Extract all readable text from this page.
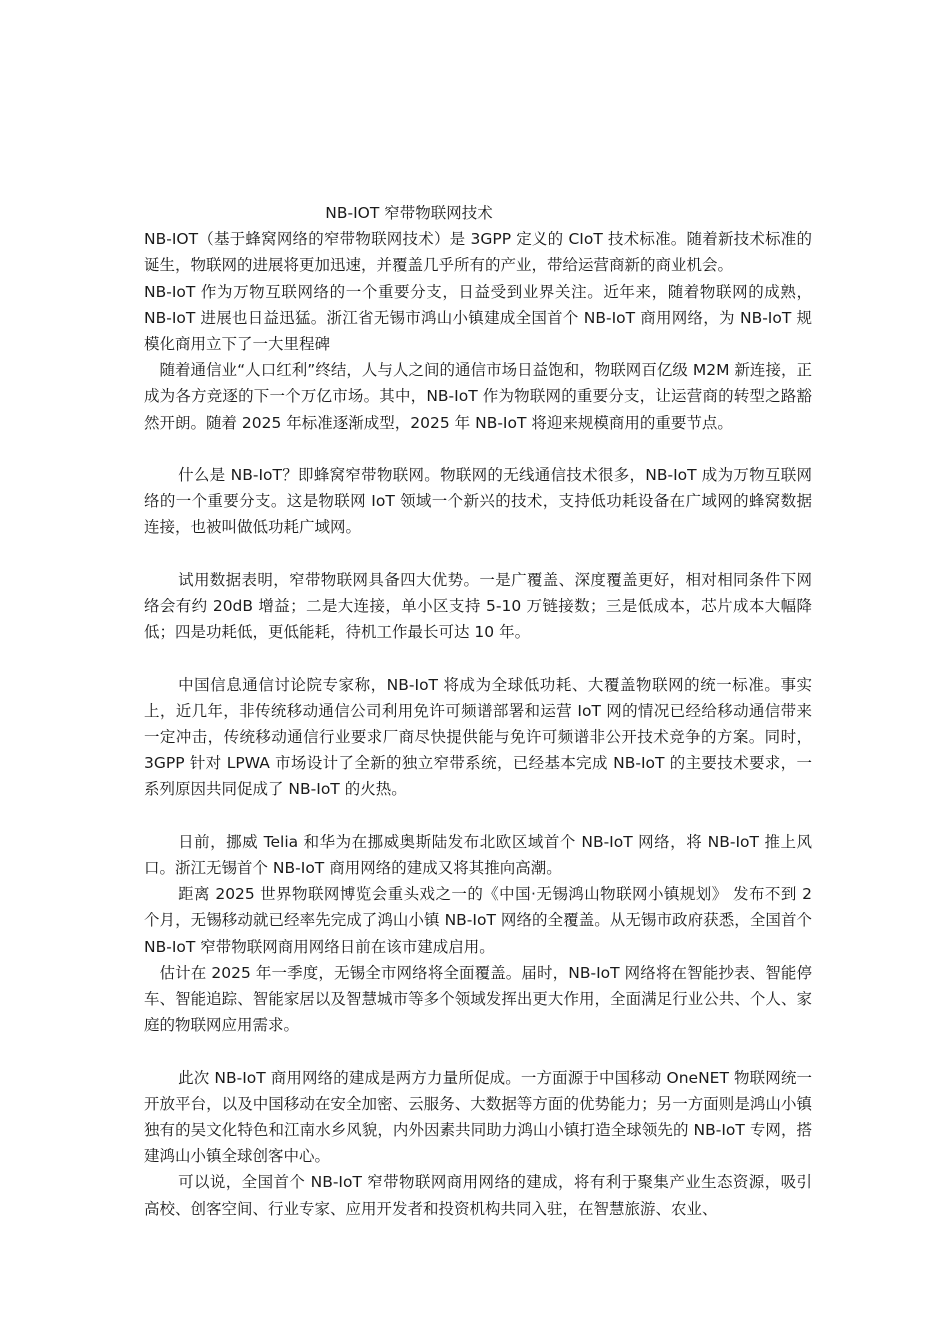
NB-IOT 窄带物联网技术

NB-IOT（基于蜂窝网络的窄带物联网技术）是 3GPP 定义的 CIoT 技术标准。随着新技术标准的诞生，物联网的进展将更加迅速，并覆盖几乎所有的产业，带给运营商新的商业机会。

NB-IoT 作为万物互联网络的一个重要分支，日益受到业界关注。近年来，随着物联网的成熟，NB-IoT 进展也日益迅猛。浙江省无锡市鸿山小镇建成全国首个 NB-IoT 商用网络，为 NB-IoT 规模化商用立下了一大里程碑

随着通信业“人口红利”终结，人与人之间的通信市场日益饱和，物联网百亿级 M2M 新连接，正成为各方竞逐的下一个万亿市场。其中，NB-IoT 作为物联网的重要分支，让运营商的转型之路豁然开朗。随着 2025 年标准逐渐成型，2025 年 NB-IoT 将迎来规模商用的重要节点。

什么是 NB-IoT？即蜂窝窄带物联网。物联网的无线通信技术很多，NB-IoT 成为万物互联网络的一个重要分支。这是物联网 IoT 领域一个新兴的技术，支持低功耗设备在广域网的蜂窝数据连接，也被叫做低功耗广域网。

试用数据表明，窄带物联网具备四大优势。一是广覆盖、深度覆盖更好，相对相同条件下网络会有约 20dB 增益；二是大连接，单小区支持 5-10 万链接数；三是低成本，芯片成本大幅降低；四是功耗低，更低能耗，待机工作最长可达 10 年。

中国信息通信讨论院专家称，NB-IoT 将成为全球低功耗、大覆盖物联网的统一标准。事实上，近几年，非传统移动通信公司利用免许可频谱部署和运营 IoT 网的情况已经给移动通信带来一定冲击，传统移动通信行业要求厂商尽快提供能与免许可频谱非公开技术竞争的方案。同时，3GPP 针对 LPWA 市场设计了全新的独立窄带系统，已经基本完成 NB-IoT 的主要技术要求，一系列原因共同促成了 NB-IoT 的火热。

日前，挪威 Telia 和华为在挪威奥斯陆发布北欧区域首个 NB-IoT 网络，将 NB-IoT 推上风口。浙江无锡首个 NB-IoT 商用网络的建成又将其推向高潮。

距离 2025 世界物联网博览会重头戏之一的《中国·无锡鸿山物联网小镇规划》 发布不到 2 个月，无锡移动就已经率先完成了鸿山小镇 NB-IoT 网络的全覆盖。从无锡市政府获悉，全国首个 NB-IoT 窄带物联网商用网络日前在该市建成启用。

估计在 2025 年一季度，无锡全市网络将全面覆盖。届时，NB-IoT 网络将在智能抄表、智能停车、智能追踪、智能家居以及智慧城市等多个领域发挥出更大作用，全面满足行业公共、个人、家庭的物联网应用需求。

此次 NB-IoT 商用网络的建成是两方力量所促成。一方面源于中国移动 OneNET 物联网统一开放平台，以及中国移动在安全加密、云服务、大数据等方面的优势能力；另一方面则是鸿山小镇独有的吴文化特色和江南水乡风貌，内外因素共同助力鸿山小镇打造全球领先的 NB-IoT 专网，搭建鸿山小镇全球创客中心。

可以说，全国首个 NB-IoT 窄带物联网商用网络的建成，将有利于聚集产业生态资源，吸引高校、创客空间、行业专家、应用开发者和投资机构共同入驻，在智慧旅游、农业、
